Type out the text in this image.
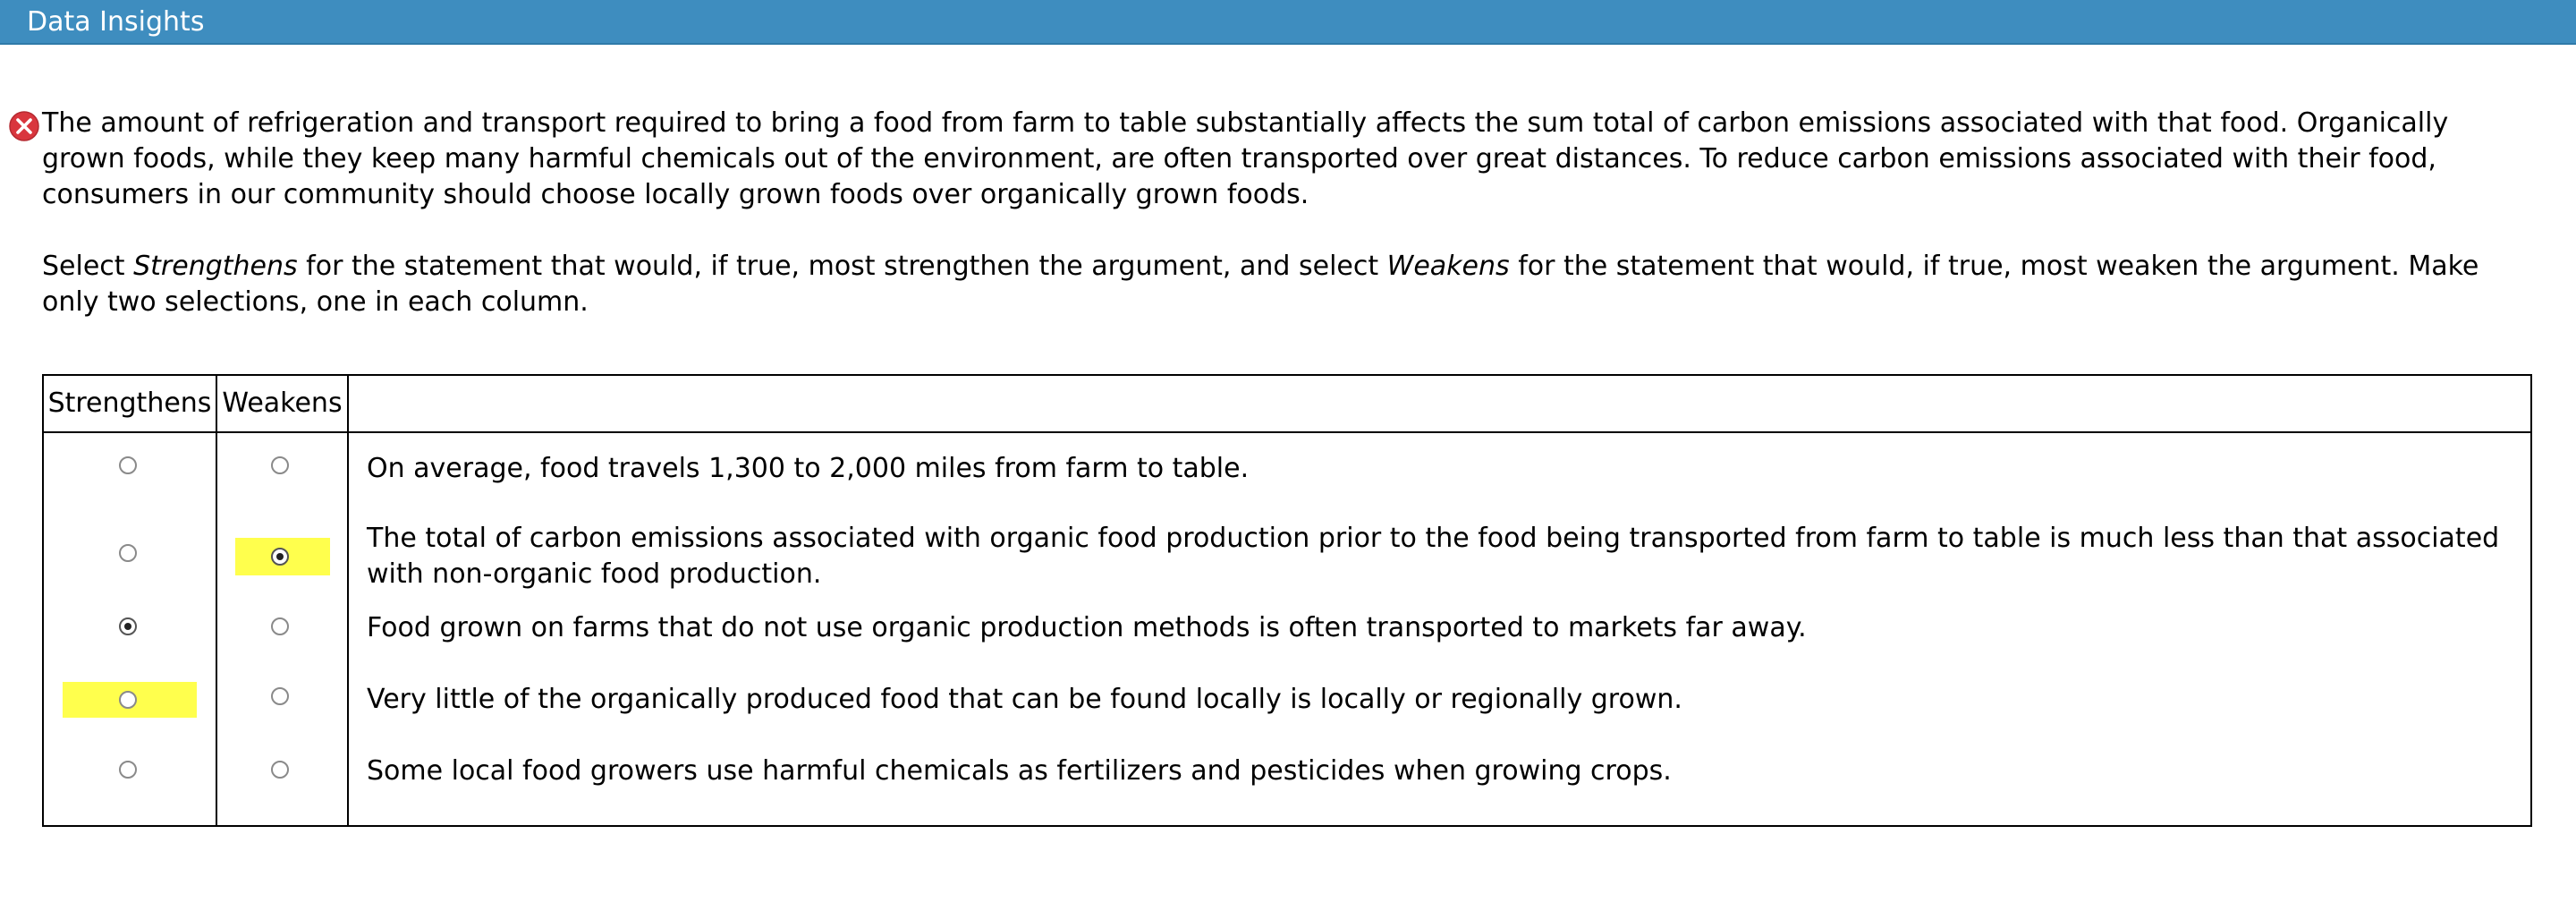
Data Insights

The amount of refrigeration and transport required to bring a food from farm to table substantially affects the sum total of carbon emissions associated with that food. Organically grown foods, while they keep many harmful chemicals out of the environment, are often transported over great distances. To reduce carbon emissions associated with their food, consumers in our community should choose locally grown foods over organically grown foods.

Select Strengthens for the statement that would, if true, most strengthen the argument, and select Weakens for the statement that would, if true, most weaken the argument. Make only two selections, one in each column.

Strengthens Weakens
On average, food travels 1,300 to 2,000 miles from farm to table.
The total of carbon emissions associated with organic food production prior to the food being transported from farm to table is much less than that associated with non-organic food production.
Food grown on farms that do not use organic production methods is often transported to markets far away.
Very little of the organically produced food that can be found locally is locally or regionally grown.
Some local food growers use harmful chemicals as fertilizers and pesticides when growing crops.
